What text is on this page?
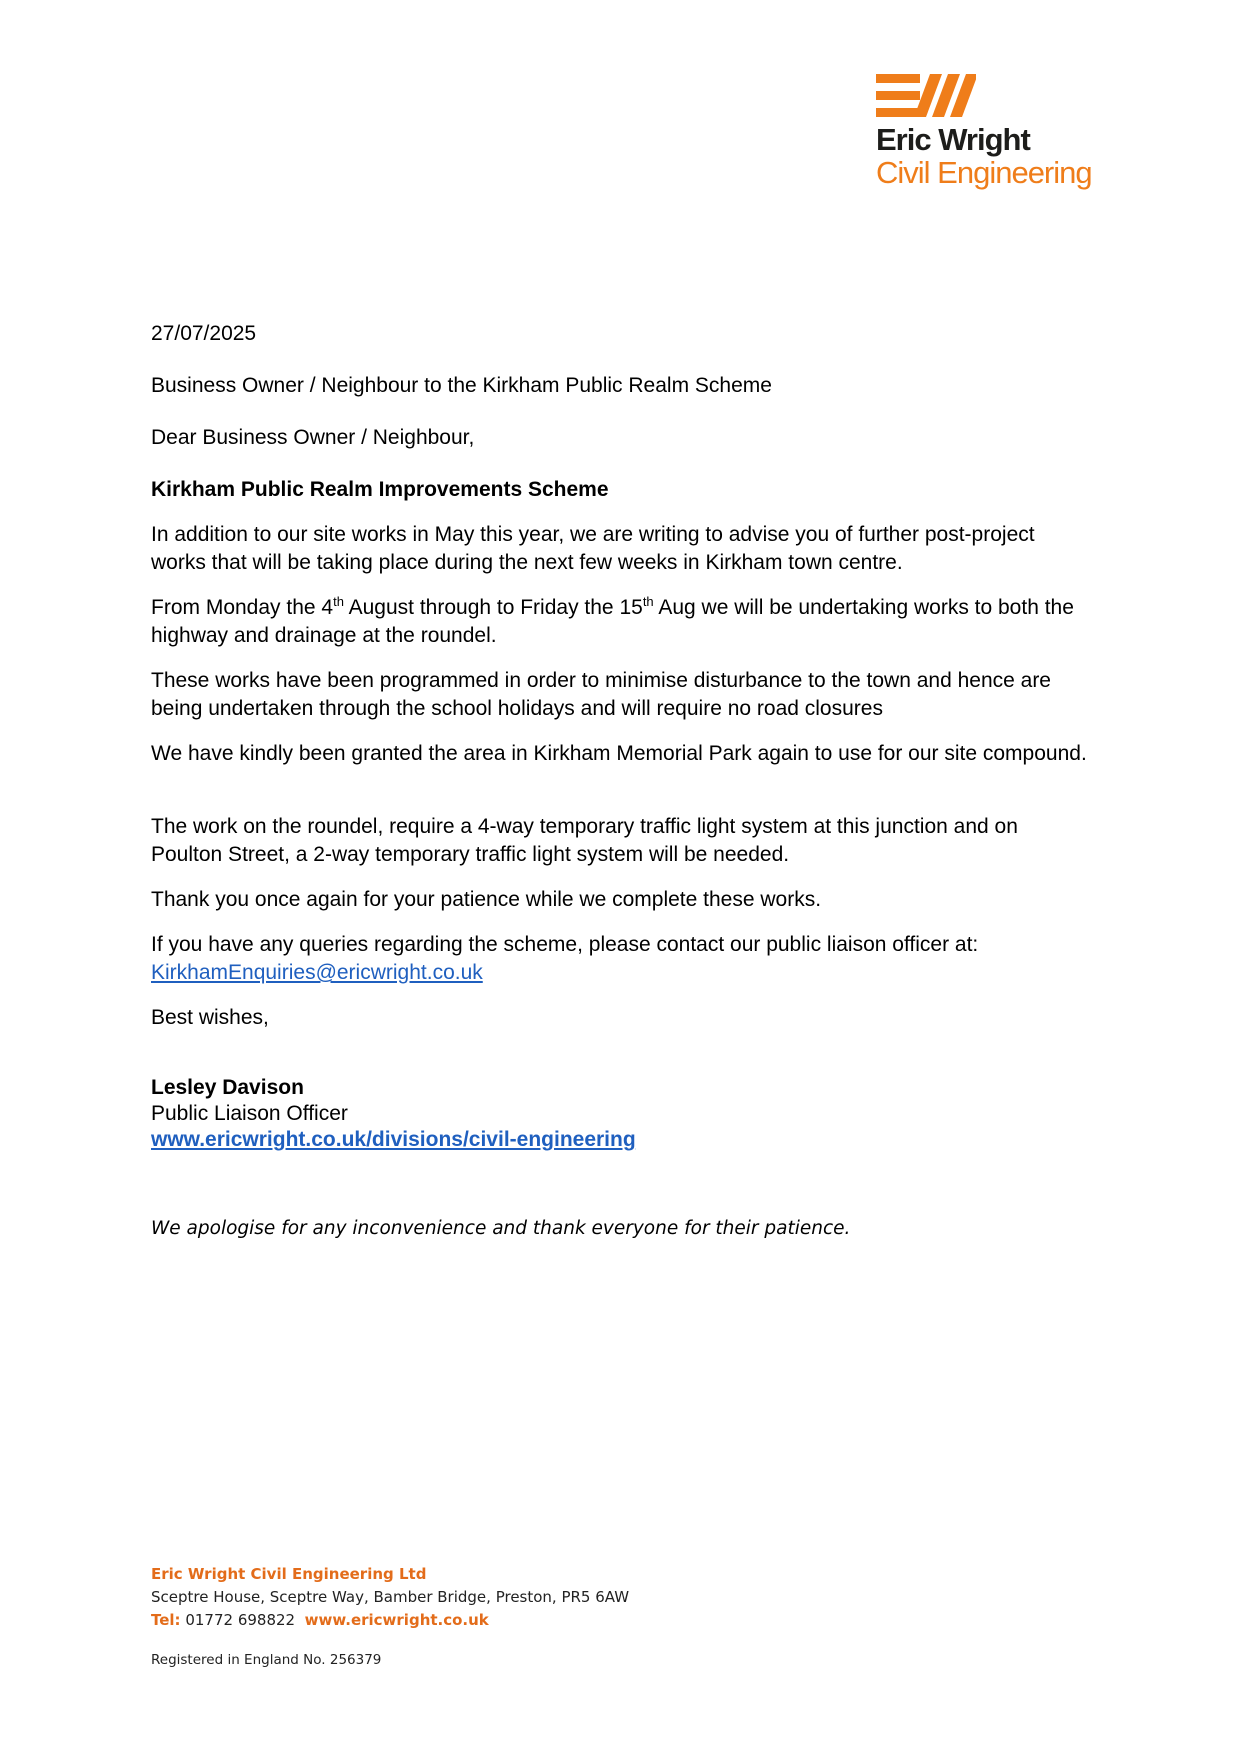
Eric Wright
Civil Engineering
27/07/2025
Business Owner / Neighbour to the Kirkham Public Realm Scheme
Dear Business Owner / Neighbour,
Kirkham Public Realm Improvements Scheme
In addition to our site works in May this year, we are writing to advise you of further post-project works that will be taking place during the next few weeks in Kirkham town centre.
From Monday the 4th August through to Friday the 15th Aug we will be undertaking works to both the highway and drainage at the roundel.
These works have been programmed in order to minimise disturbance to the town and hence are being undertaken through the school holidays and will require no road closures
We have kindly been granted the area in Kirkham Memorial Park again to use for our site compound.
The work on the roundel, require a 4-way temporary traffic light system at this junction and on Poulton Street, a 2-way temporary traffic light system will be needed.
Thank you once again for your patience while we complete these works.
If you have any queries regarding the scheme, please contact our public liaison officer at:
KirkhamEnquiries@ericwright.co.uk
Best wishes,
Lesley Davison
Public Liaison Officer
www.ericwright.co.uk/divisions/civil-engineering
We apologise for any inconvenience and thank everyone for their patience.
Eric Wright Civil Engineering Ltd
Sceptre House, Sceptre Way, Bamber Bridge, Preston, PR5 6AW
Tel: 01772 698822 www.ericwright.co.uk
Registered in England No. 256379
